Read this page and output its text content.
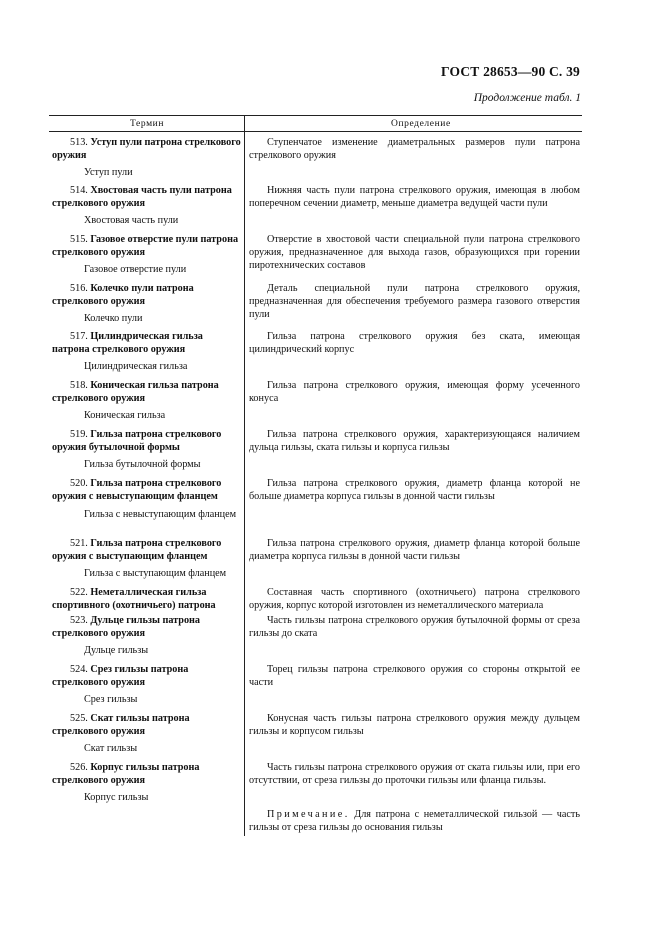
ГОСТ 28653—90 С. 39
Продолжение табл. 1
Термин	Определение
513. Уступ пули патрона стрелкового оружия
Уступ пули
Ступенчатое изменение диаметральных размеров пули патрона стрелкового оружия
514. Хвостовая часть пули патрона стрелкового оружия
Хвостовая часть пули
Нижняя часть пули патрона стрелкового оружия, имеющая в любом поперечном сечении диаметр, меньше диаметра ведущей части пули
515. Газовое отверстие пули патрона стрелкового оружия
Газовое отверстие пули
Отверстие в хвостовой части специальной пули патрона стрелкового оружия, предназначенное для выхода газов, образующихся при горении пиротехнических составов
516. Колечко пули патрона стрелкового оружия
Колечко пули
Деталь специальной пули патрона стрелкового оружия, предназначенная для обеспечения требуемого размера газового отверстия пули
517. Цилиндрическая гильза патрона стрелкового оружия
Цилиндрическая гильза
Гильза патрона стрелкового оружия без ската, имеющая цилиндрический корпус
518. Коническая гильза патрона стрелкового оружия
Коническая гильза
Гильза патрона стрелкового оружия, имеющая форму усеченного конуса
519. Гильза патрона стрелкового оружия бутылочной формы
Гильза бутылочной формы
Гильза патрона стрелкового оружия, характеризующаяся наличием дульца гильзы, ската гильзы и корпуса гильзы
520. Гильза патрона стрелкового оружия с невыступающим фланцем
Гильза с невыступающим фланцем
Гильза патрона стрелкового оружия, диаметр фланца которой не больше диаметра корпуса гильзы в донной части гильзы
521. Гильза патрона стрелкового оружия с выступающим фланцем
Гильза с выступающим фланцем
Гильза патрона стрелкового оружия, диаметр фланца которой больше диаметра корпуса гильзы в донной части гильзы
522. Неметаллическая гильза спортивного (охотничьего) патрона
Составная часть спортивного (охотничьего) патрона стрелкового оружия, корпус которой изготовлен из неметаллического материала
523. Дульце гильзы патрона стрелкового оружия
Дульце гильзы
Часть гильзы патрона стрелкового оружия бутылочной формы от среза гильзы до ската
524. Срез гильзы патрона стрелкового оружия
Срез гильзы
Торец гильзы патрона стрелкового оружия со стороны открытой ее части
525. Скат гильзы патрона стрелкового оружия
Скат гильзы
Конусная часть гильзы патрона стрелкового оружия между дульцем гильзы и корпусом гильзы
526. Корпус гильзы патрона стрелкового оружия
Корпус гильзы
Часть гильзы патрона стрелкового оружия от ската гильзы или, при его отсутствии, от среза гильзы до проточки гильзы или фланца гильзы.
Примечание. Для патрона с неметаллической гильзой — часть гильзы от среза гильзы до основания гильзы
